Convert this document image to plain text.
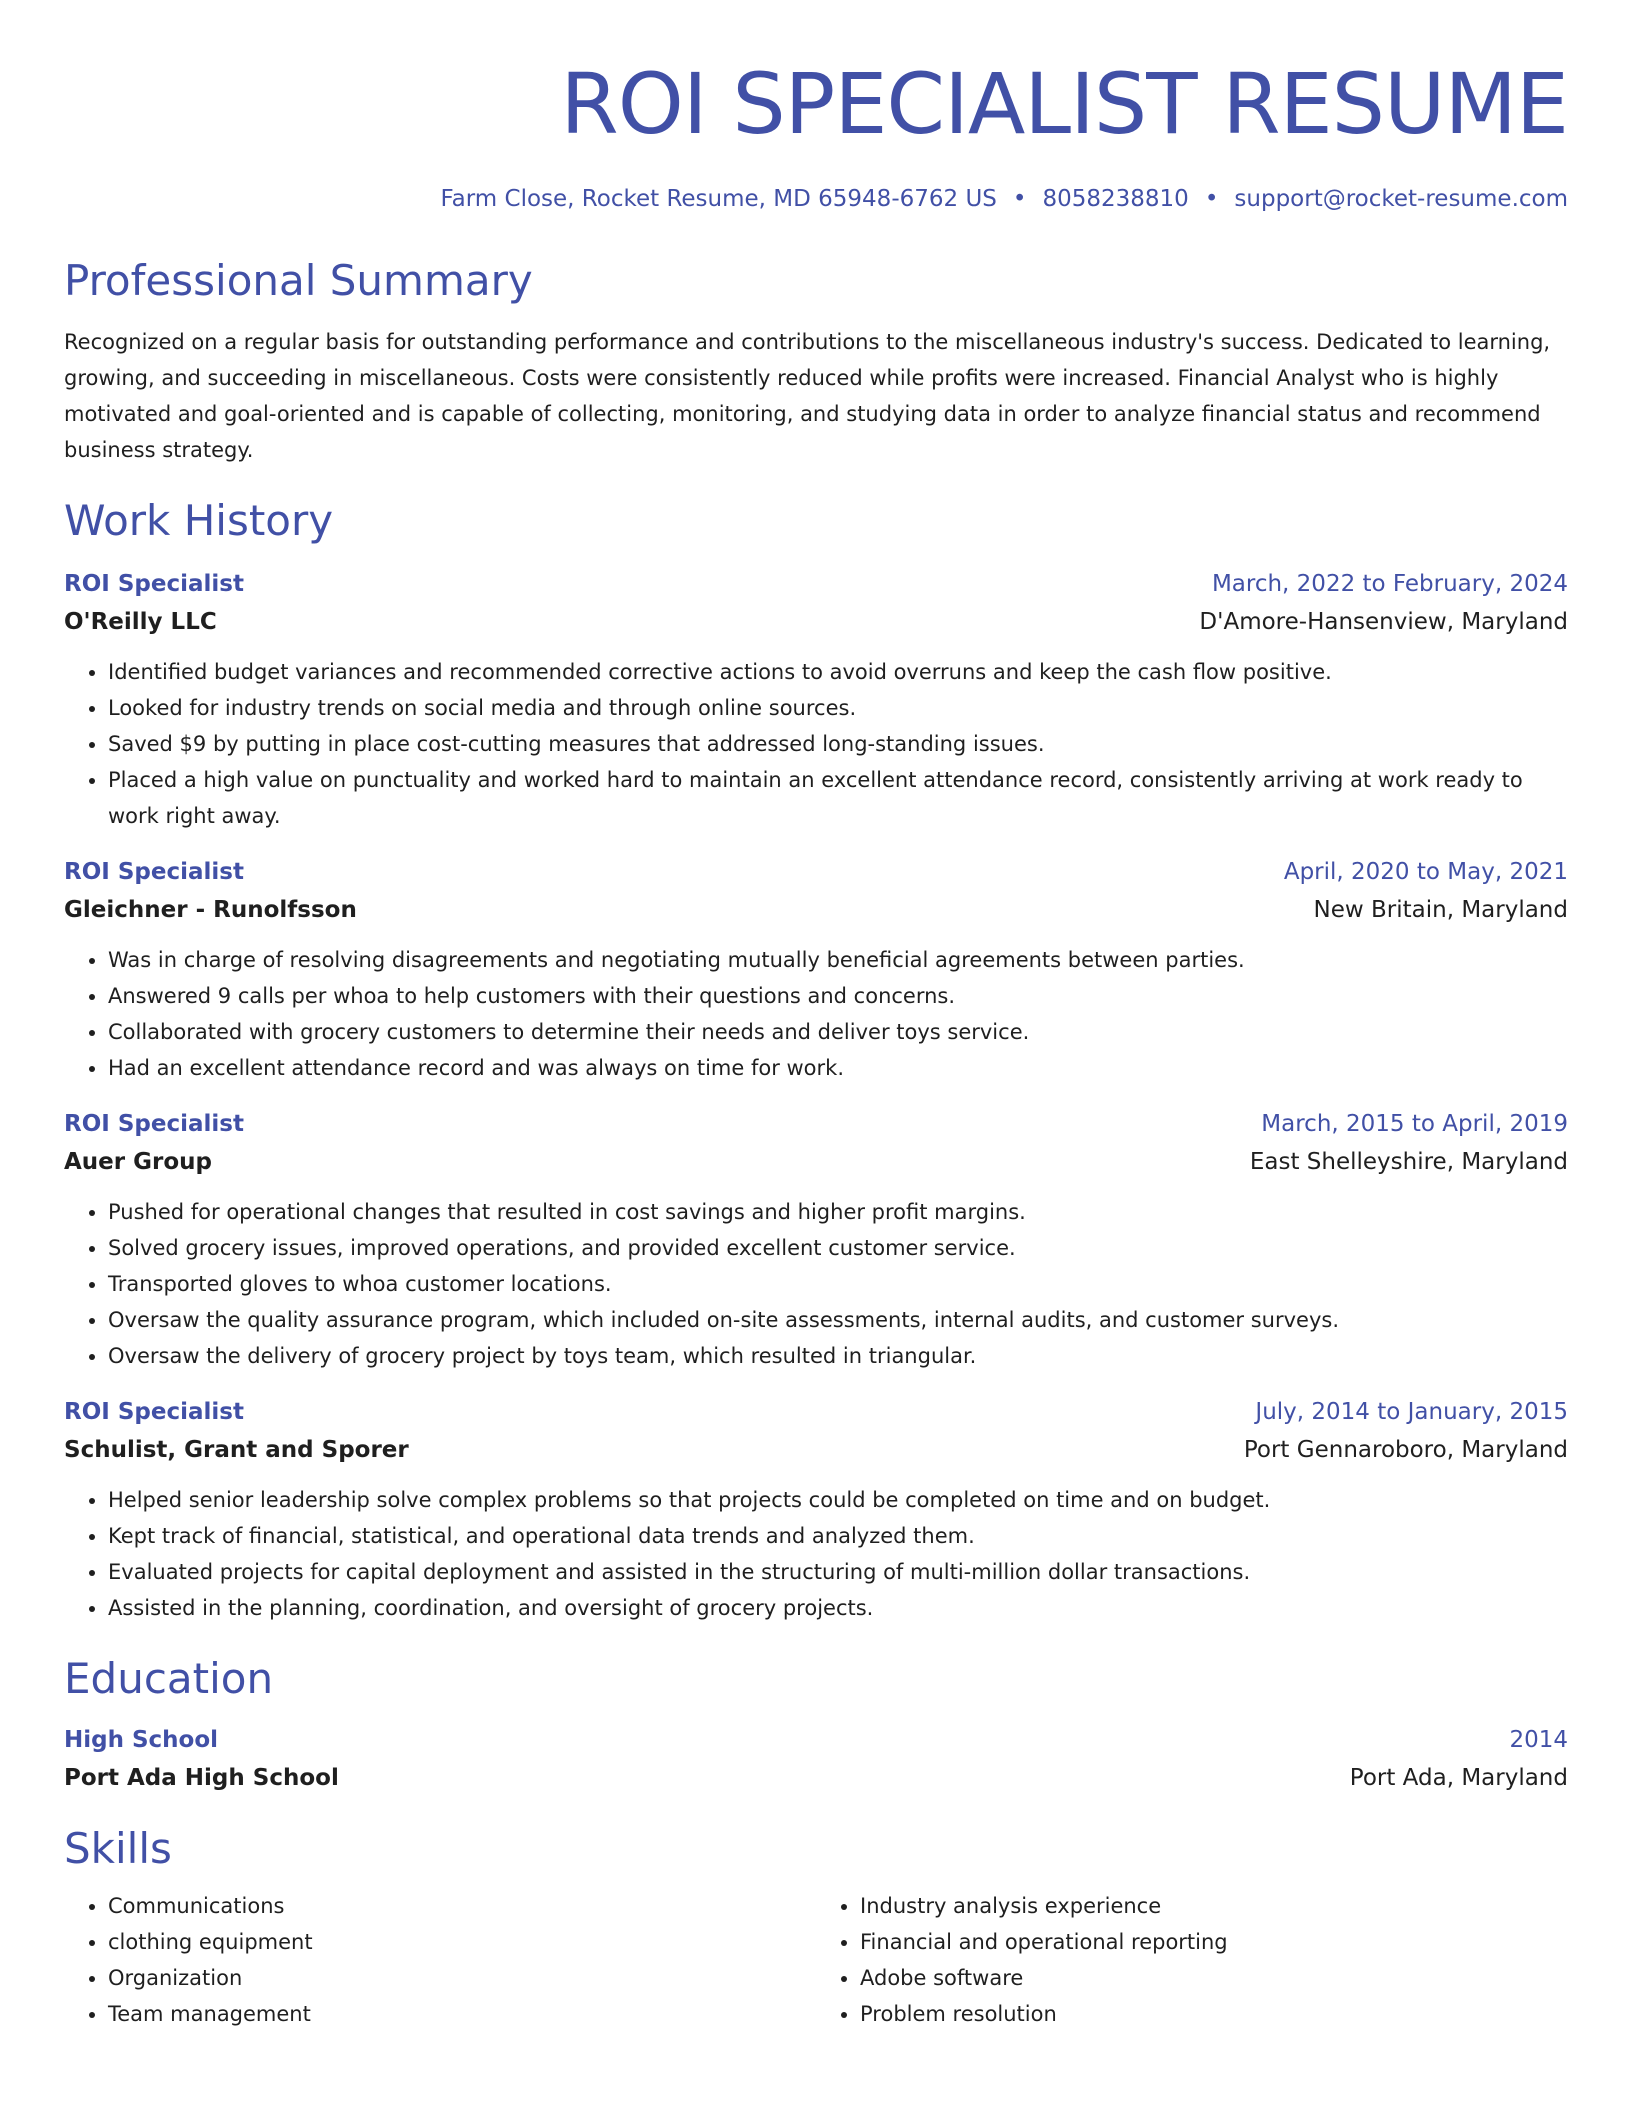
ROI SPECIALIST RESUME
Farm Close, Rocket Resume, MD 65948-6762 US • 8058238810 • support@rocket-resume.com
Professional Summary

Recognized on a regular basis for outstanding performance and contributions to the miscellaneous industry's success. Dedicated to learning, growing, and succeeding in miscellaneous. Costs were consistently reduced while profits were increased. Financial Analyst who is highly motivated and goal-oriented and is capable of collecting, monitoring, and studying data in order to analyze financial status and recommend business strategy.

Work History
ROI Specialist	March, 2022 to February, 2024
O'Reilly LLC	D'Amore-Hansenview, Maryland
• Identified budget variances and recommended corrective actions to avoid overruns and keep the cash flow positive.
• Looked for industry trends on social media and through online sources.
• Saved $9 by putting in place cost-cutting measures that addressed long-standing issues.
• Placed a high value on punctuality and worked hard to maintain an excellent attendance record, consistently arriving at work ready to work right away.
ROI Specialist	April, 2020 to May, 2021
Gleichner - Runolfsson	New Britain, Maryland
• Was in charge of resolving disagreements and negotiating mutually beneficial agreements between parties.
• Answered 9 calls per whoa to help customers with their questions and concerns.
• Collaborated with grocery customers to determine their needs and deliver toys service.
• Had an excellent attendance record and was always on time for work.
ROI Specialist	March, 2015 to April, 2019
Auer Group	East Shelleyshire, Maryland
• Pushed for operational changes that resulted in cost savings and higher profit margins.
• Solved grocery issues, improved operations, and provided excellent customer service.
• Transported gloves to whoa customer locations.
• Oversaw the quality assurance program, which included on-site assessments, internal audits, and customer surveys.
• Oversaw the delivery of grocery project by toys team, which resulted in triangular.
ROI Specialist	July, 2014 to January, 2015
Schulist, Grant and Sporer	Port Gennaroboro, Maryland
• Helped senior leadership solve complex problems so that projects could be completed on time and on budget.
• Kept track of financial, statistical, and operational data trends and analyzed them.
• Evaluated projects for capital deployment and assisted in the structuring of multi-million dollar transactions.
• Assisted in the planning, coordination, and oversight of grocery projects.
Education
High School	2014
Port Ada High School	Port Ada, Maryland
Skills
• Communications
• clothing equipment
• Organization
• Team management
• Industry analysis experience
• Financial and operational reporting
• Adobe software
• Problem resolution
